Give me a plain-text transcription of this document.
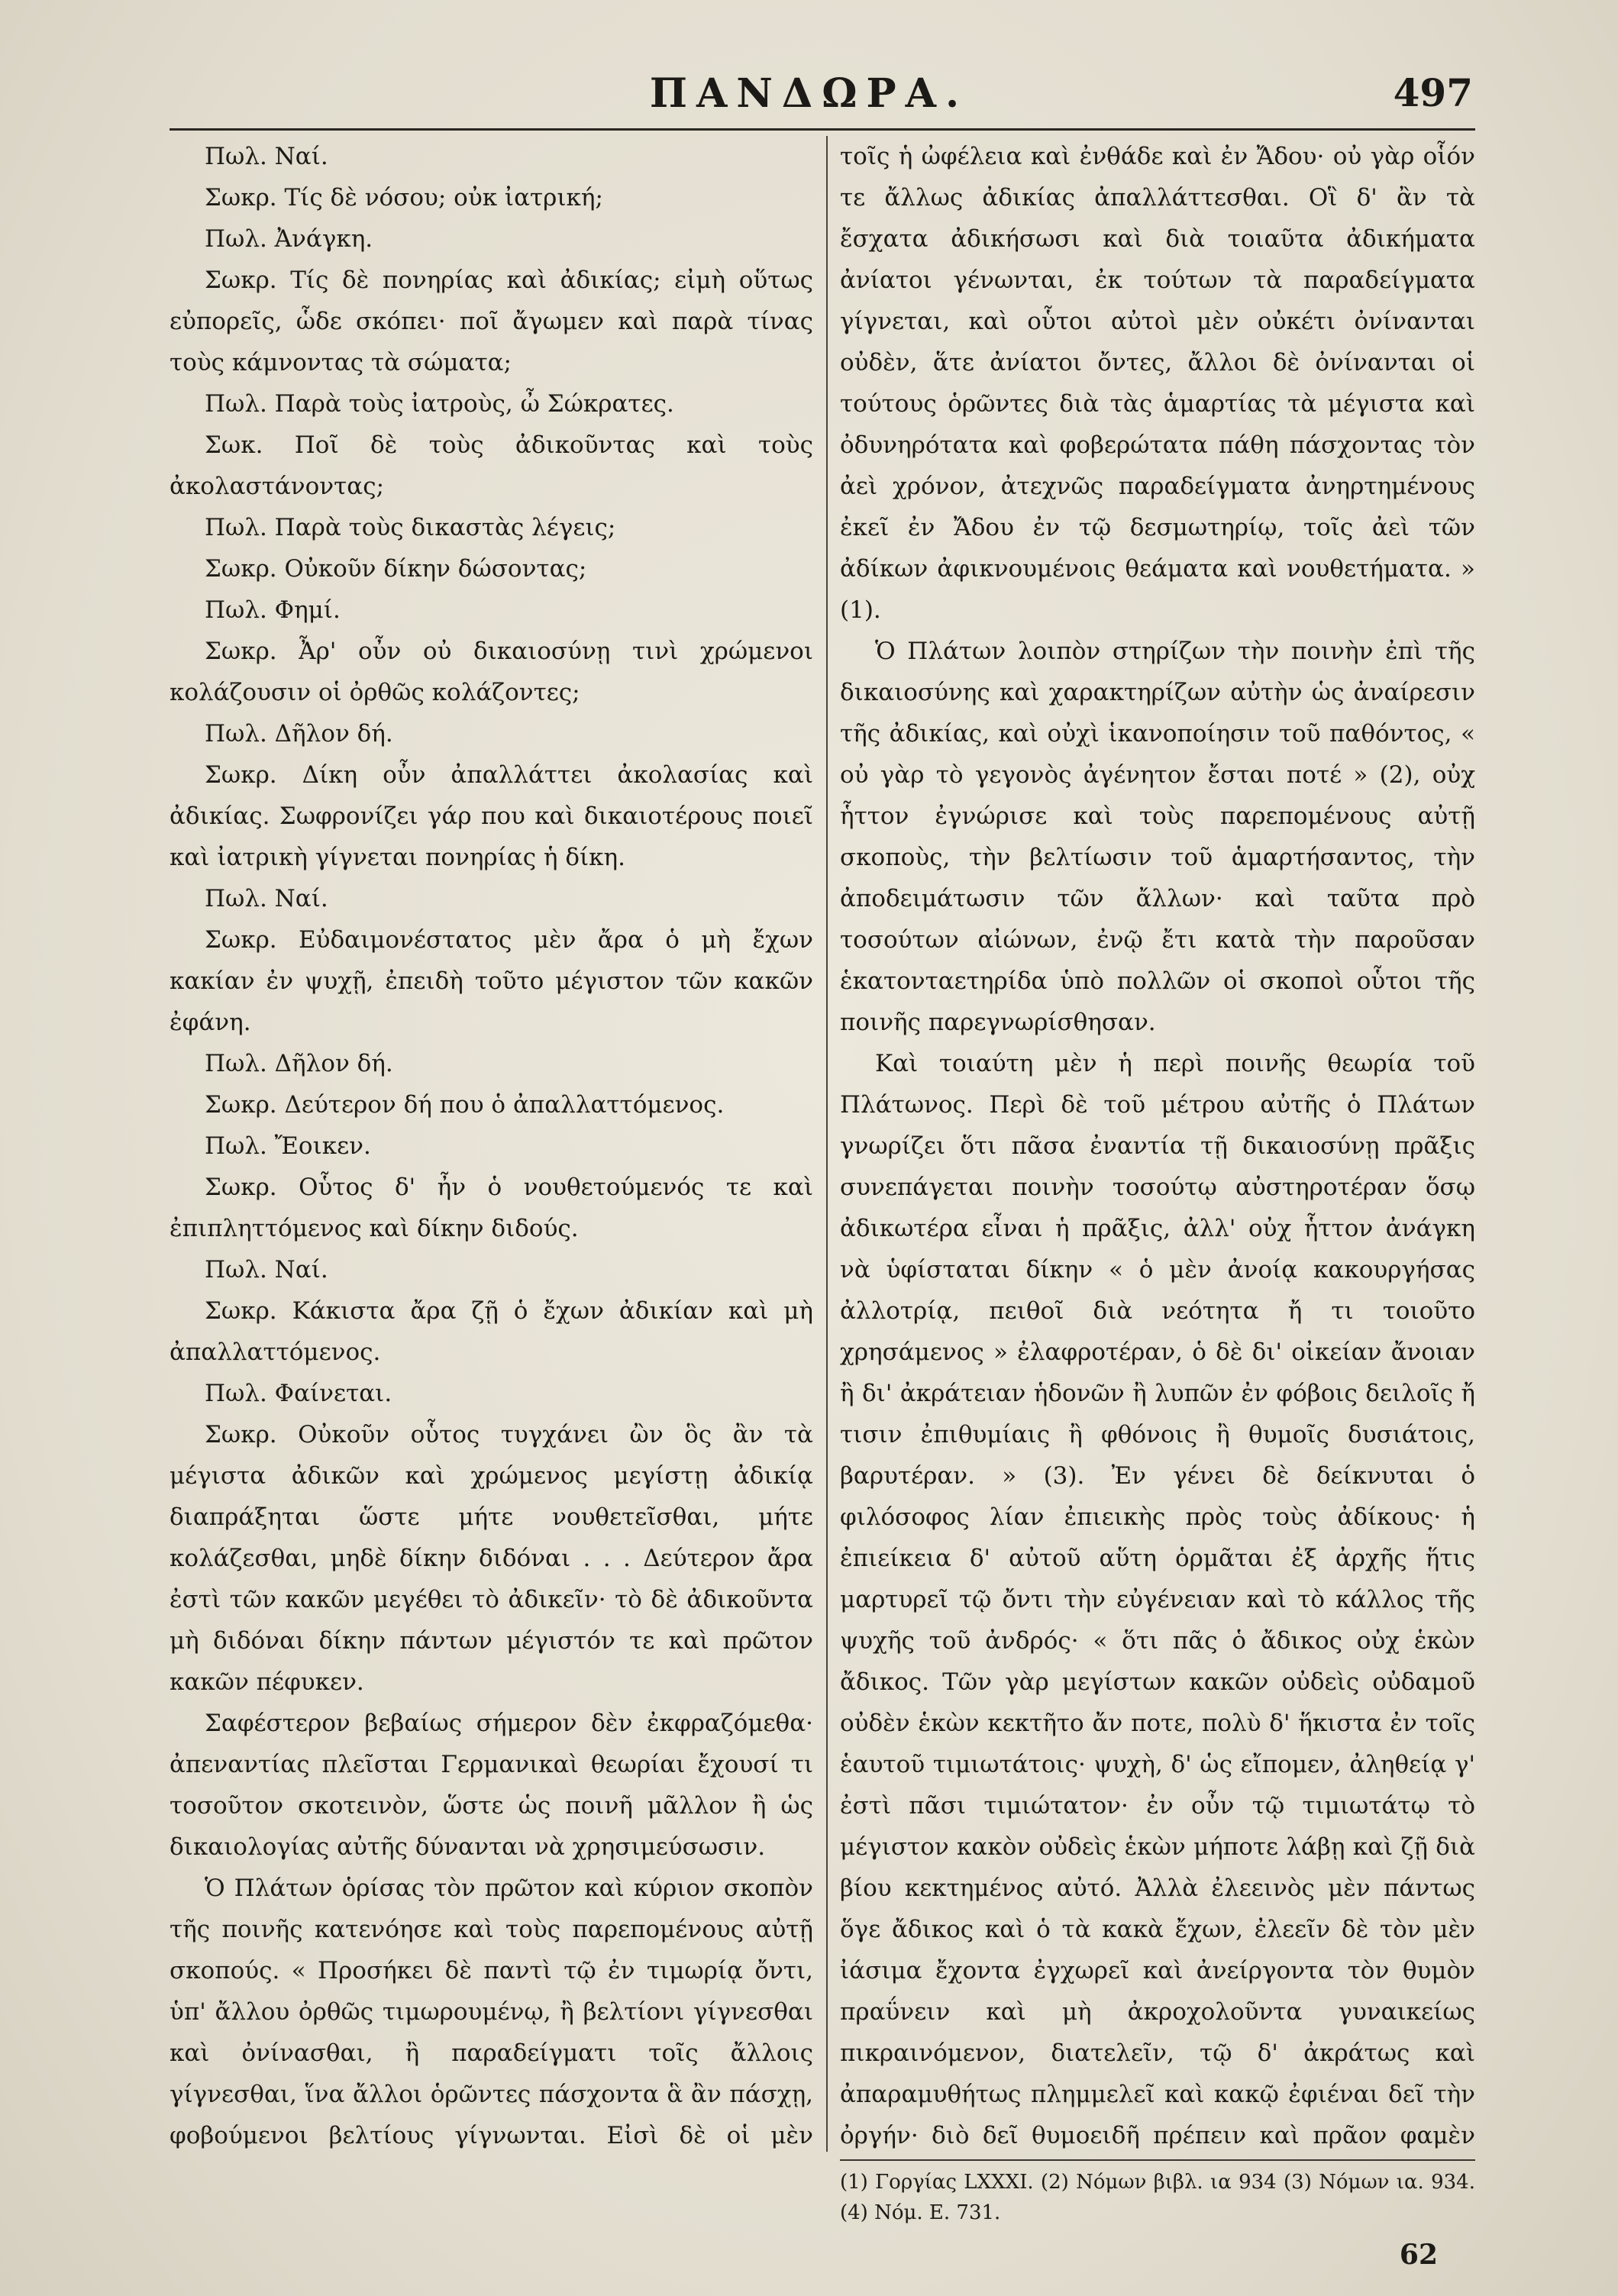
ΠΑΝΔΩΡΑ.	497

Πωλ. Ναί.

Σωκρ. Τίς δὲ νόσου; οὐκ ἰατρική;

Πωλ. Ἀνάγκη.

Σωκρ. Τίς δὲ πονηρίας καὶ ἀδικίας; εἰμὴ οὕτως εὐπορεῖς, ὧδε σκόπει· ποῖ ἄγωμεν καὶ παρὰ τίνας τοὺς κάμνοντας τὰ σώματα;

Πωλ. Παρὰ τοὺς ἰατροὺς, ὦ Σώκρατες.

Σωκ. Ποῖ δὲ τοὺς ἀδικοῦντας καὶ τοὺς ἀκολαστάνοντας;

Πωλ. Παρὰ τοὺς δικαστὰς λέγεις;

Σωκρ. Οὐκοῦν δίκην δώσοντας;

Πωλ. Φημί.

Σωκρ. Ἆρ' οὖν οὐ δικαιοσύνῃ τινὶ χρώμενοι κολάζουσιν οἱ ὀρθῶς κολάζοντες;

Πωλ. Δῆλον δή.

Σωκρ. Δίκη οὖν ἀπαλλάττει ἀκολασίας καὶ ἀδικίας. Σωφρονίζει γάρ που καὶ δικαιοτέρους ποιεῖ καὶ ἰατρικὴ γίγνεται πονηρίας ἡ δίκη.

Πωλ. Ναί.

Σωκρ. Εὐδαιμονέστατος μὲν ἄρα ὁ μὴ ἔχων κακίαν ἐν ψυχῇ, ἐπειδὴ τοῦτο μέγιστον τῶν κακῶν ἐφάνη.

Πωλ. Δῆλον δή.

Σωκρ. Δεύτερον δή που ὁ ἀπαλλαττόμενος.

Πωλ. Ἔοικεν.

Σωκρ. Οὗτος δ' ἦν ὁ νουθετούμενός τε καὶ ἐπιπληττόμενος καὶ δίκην διδούς.

Πωλ. Ναί.

Σωκρ. Κάκιστα ἄρα ζῇ ὁ ἔχων ἀδικίαν καὶ μὴ ἀπαλλαττόμενος.

Πωλ. Φαίνεται.

Σωκρ. Οὐκοῦν οὗτος τυγχάνει ὢν ὃς ἂν τὰ μέγιστα ἀδικῶν καὶ χρώμενος μεγίστῃ ἀδικίᾳ διαπράξηται ὥστε μήτε νουθετεῖσθαι, μήτε κολάζεσθαι, μηδὲ δίκην διδόναι . . . Δεύτερον ἄρα ἐστὶ τῶν κακῶν μεγέθει τὸ ἀδικεῖν· τὸ δὲ ἀδικοῦντα μὴ διδόναι δίκην πάντων μέγιστόν τε καὶ πρῶτον κακῶν πέφυκεν.

Σαφέστερον βεβαίως σήμερον δὲν ἐκφραζόμεθα· ἀπεναντίας πλεῖσται Γερμανικαὶ θεωρίαι ἔχουσί τι τοσοῦτον σκοτεινὸν, ὥστε ὡς ποινῆ μᾶλλον ἢ ὡς δικαιολογίας αὐτῆς δύνανται νὰ χρησιμεύσωσιν.

Ὁ Πλάτων ὁρίσας τὸν πρῶτον καὶ κύριον σκοπὸν τῆς ποινῆς κατενόησε καὶ τοὺς παρεπομένους αὐτῇ σκοπούς. « Προσήκει δὲ παντὶ τῷ ἐν τιμωρίᾳ ὄντι, ὑπ' ἄλλου ὀρθῶς τιμωρουμένῳ, ἢ βελτίονι γίγνεσθαι καὶ ὀνίνασθαι, ἢ παραδείγματι τοῖς ἄλλοις γίγνεσθαι, ἵνα ἄλλοι ὁρῶντες πάσχοντα ἃ ἂν πάσχῃ, φοβούμενοι βελτίους γίγνωνται. Εἰσὶ δὲ οἱ μὲν

τοῖς ἡ ὠφέλεια καὶ ἐνθάδε καὶ ἐν Ἄδου· οὐ γὰρ οἷόν τε ἄλλως ἀδικίας ἀπαλλάττεσθαι. Οἳ δ' ἂν τὰ ἔσχατα ἀδικήσωσι καὶ διὰ τοιαῦτα ἀδικήματα ἀνίατοι γένωνται, ἐκ τούτων τὰ παραδείγματα γίγνεται, καὶ οὗτοι αὐτοὶ μὲν οὐκέτι ὀνίνανται οὐδὲν, ἅτε ἀνίατοι ὄντες, ἄλλοι δὲ ὀνίνανται οἱ τούτους ὁρῶντες διὰ τὰς ἁμαρτίας τὰ μέγιστα καὶ ὀδυνηρότατα καὶ φοβερώτατα πάθη πάσχοντας τὸν ἀεὶ χρόνον, ἀτεχνῶς παραδείγματα ἀνηρτημένους ἐκεῖ ἐν Ἄδου ἐν τῷ δεσμωτηρίῳ, τοῖς ἀεὶ τῶν ἀδίκων ἀφικνουμένοις θεάματα καὶ νουθετήματα. » (1).

Ὁ Πλάτων λοιπὸν στηρίζων τὴν ποινὴν ἐπὶ τῆς δικαιοσύνης καὶ χαρακτηρίζων αὐτὴν ὡς ἀναίρεσιν τῆς ἀδικίας, καὶ οὐχὶ ἱκανοποίησιν τοῦ παθόντος, « οὐ γὰρ τὸ γεγονὸς ἀγένητον ἔσται ποτέ » (2), οὐχ ἧττον ἐγνώρισε καὶ τοὺς παρεπομένους αὐτῇ σκοποὺς, τὴν βελτίωσιν τοῦ ἁμαρτήσαντος, τὴν ἀποδειμάτωσιν τῶν ἄλλων· καὶ ταῦτα πρὸ τοσούτων αἰώνων, ἐνῷ ἔτι κατὰ τὴν παροῦσαν ἑκατονταετηρίδα ὑπὸ πολλῶν οἱ σκοποὶ οὗτοι τῆς ποινῆς παρεγνωρίσθησαν.

Καὶ τοιαύτη μὲν ἡ περὶ ποινῆς θεωρία τοῦ Πλάτωνος. Περὶ δὲ τοῦ μέτρου αὐτῆς ὁ Πλάτων γνωρίζει ὅτι πᾶσα ἐναντία τῇ δικαιοσύνῃ πρᾶξις συνεπάγεται ποινὴν τοσούτῳ αὐστηροτέραν ὅσῳ ἀδικωτέρα εἶναι ἡ πρᾶξις, ἀλλ' οὐχ ἧττον ἀνάγκη νὰ ὑφίσταται δίκην « ὁ μὲν ἀνοίᾳ κακουργήσας ἀλλοτρίᾳ, πειθοῖ διὰ νεότητα ἤ τι τοιοῦτο χρησάμενος » ἐλαφροτέραν, ὁ δὲ δι' οἰκείαν ἄνοιαν ἢ δι' ἀκράτειαν ἡδονῶν ἢ λυπῶν ἐν φόβοις δειλοῖς ἤ τισιν ἐπιθυμίαις ἢ φθόνοις ἢ θυμοῖς δυσιάτοις, βαρυτέραν. » (3). Ἐν γένει δὲ δείκνυται ὁ φιλόσοφος λίαν ἐπιεικὴς πρὸς τοὺς ἀδίκους· ἡ ἐπιείκεια δ' αὐτοῦ αὕτη ὁρμᾶται ἐξ ἀρχῆς ἥτις μαρτυρεῖ τῷ ὄντι τὴν εὐγένειαν καὶ τὸ κάλλος τῆς ψυχῆς τοῦ ἀνδρός· « ὅτι πᾶς ὁ ἄδικος οὐχ ἑκὼν ἄδικος. Τῶν γὰρ μεγίστων κακῶν οὐδεὶς οὐδαμοῦ οὐδὲν ἑκὼν κεκτῆτο ἄν ποτε, πολὺ δ' ἥκιστα ἐν τοῖς ἑαυτοῦ τιμιωτάτοις· ψυχὴ, δ' ὡς εἴπομεν, ἀληθείᾳ γ' ἐστὶ πᾶσι τιμιώτατον· ἐν οὖν τῷ τιμιωτάτῳ τὸ μέγιστον κακὸν οὐδεὶς ἑκὼν μήποτε λάβῃ καὶ ζῇ διὰ βίου κεκτημένος αὐτό. Ἀλλὰ ἐλεεινὸς μὲν πάντως ὅγε ἄδικος καὶ ὁ τὰ κακὰ ἔχων, ἐλεεῖν δὲ τὸν μὲν ἰάσιμα ἔχοντα ἐγχωρεῖ καὶ ἀνείργοντα τὸν θυμὸν πραΰνειν καὶ μὴ ἀκροχολοῦντα γυναικείως πικραινόμενον, διατελεῖν, τῷ δ' ἀκράτως καὶ ἀπαραμυθήτως πλημμελεῖ καὶ κακῷ ἐφιέναι δεῖ τὴν ὀργήν· διὸ δεῖ θυμοειδῆ πρέπειν καὶ πρᾶον φαμὲν

(1) Γοργίας LXXXI. (2) Νόμων βιβλ. ια 934 (3) Νόμων ια. 934. (4) Νόμ. Ε. 731.
62
